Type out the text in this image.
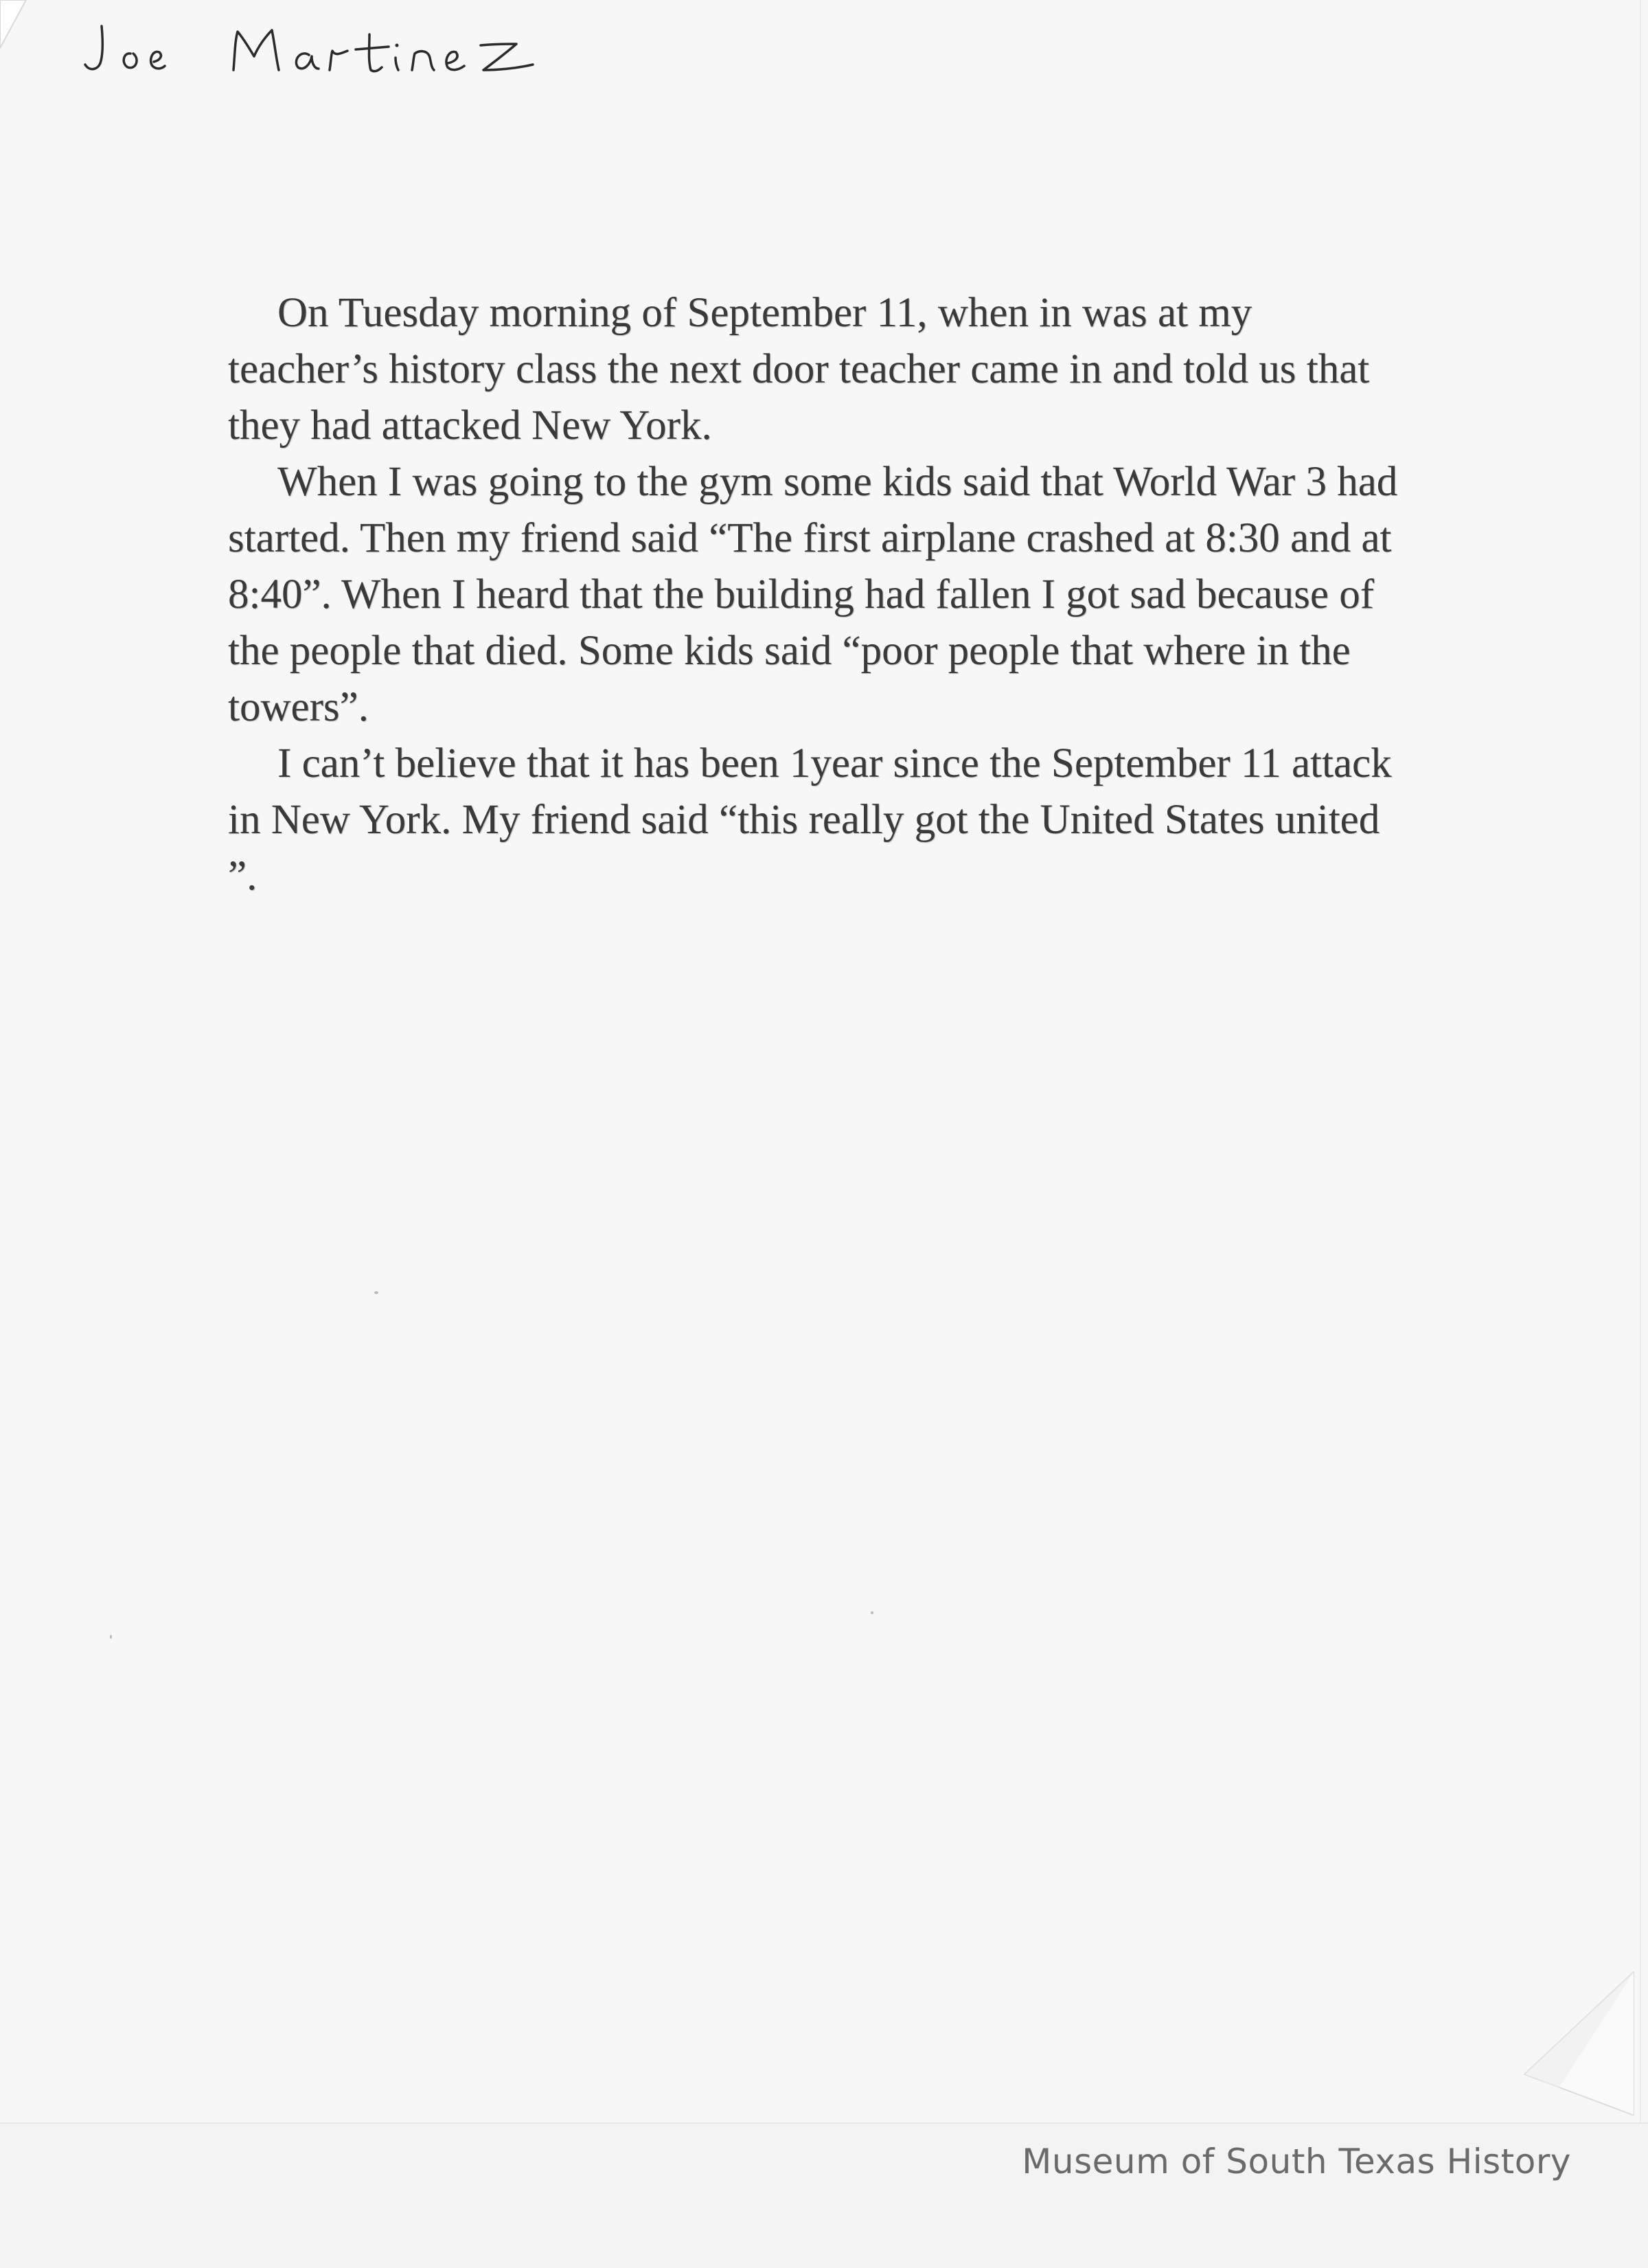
On Tuesday morning of September 11, when in was at my teacher’s history class the next door teacher came in and told us that they had attacked New York.

When I was going to the gym some kids said that World War 3 had started. Then my friend said “The first airplane crashed at 8:30 and at 8:40”. When I heard that the building had fallen I got sad because of the people that died. Some kids said “poor people that where in the towers”.

I can’t believe that it has been 1year since the September 11 attack in New York. My friend said “this really got the United States united ”.

Museum of South Texas History
